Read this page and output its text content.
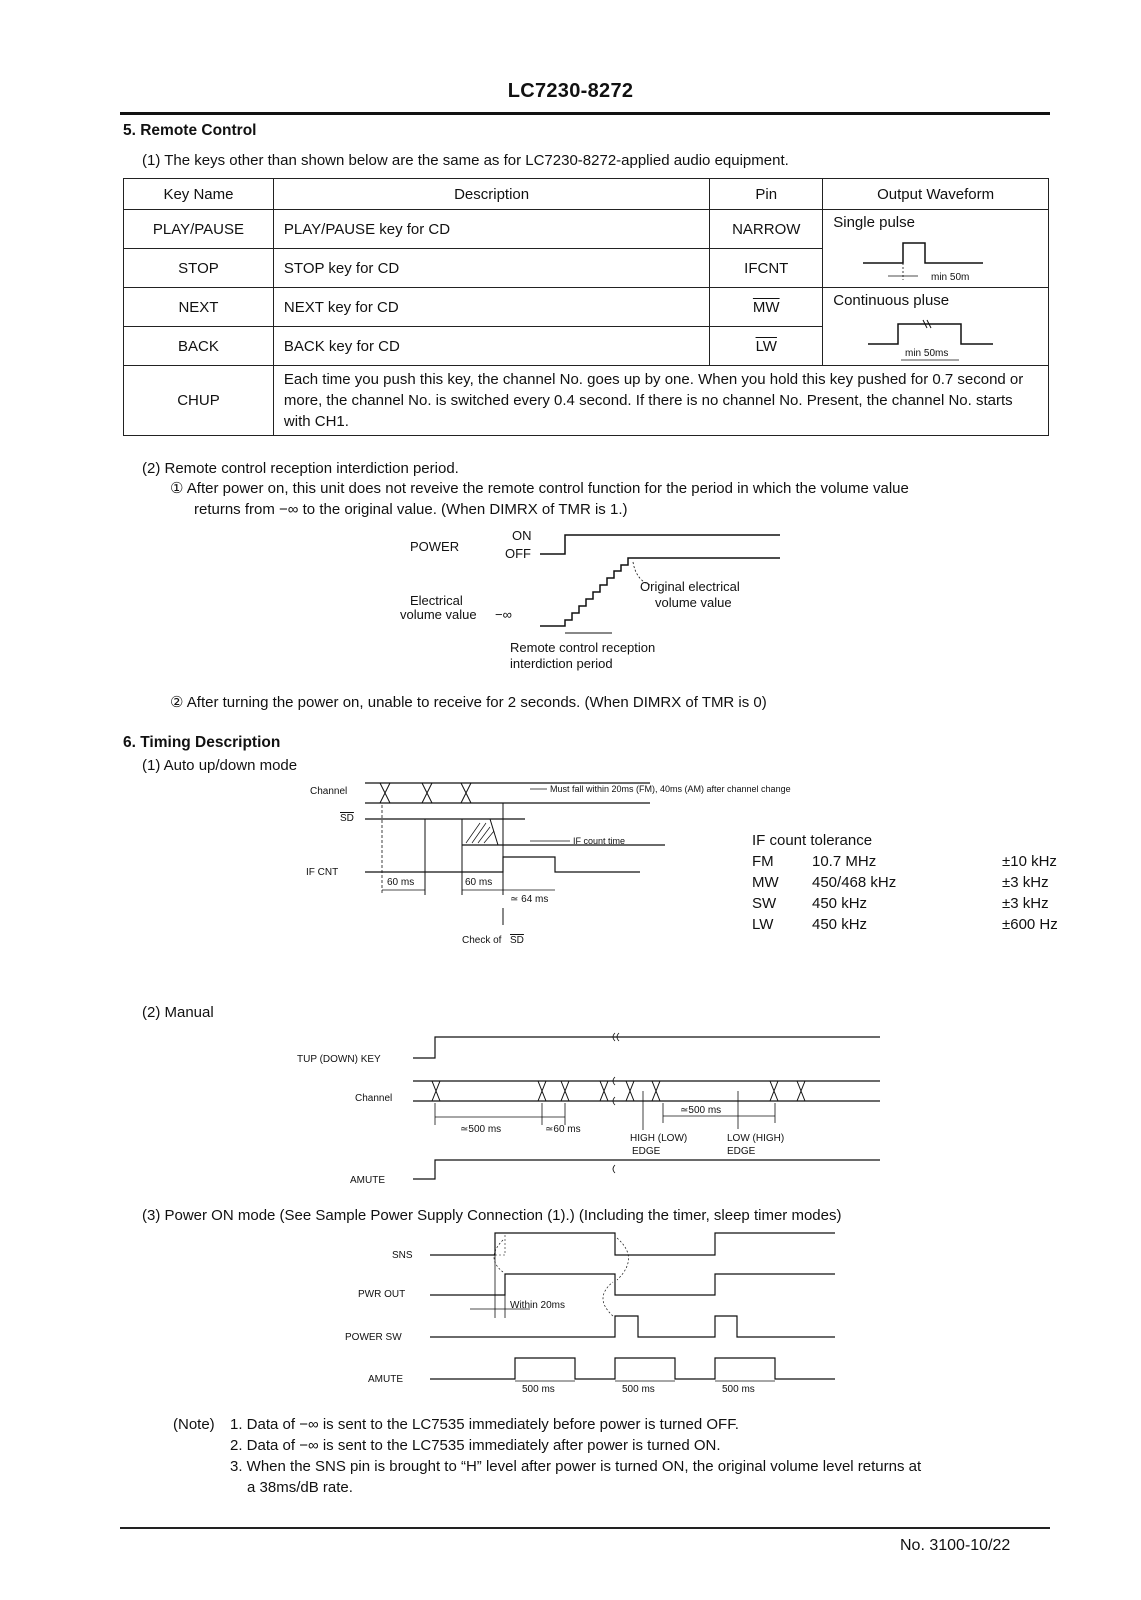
LC7230-8272
5. Remote Control
(1) The keys other than shown below are the same as for LC7230-8272-applied audio equipment.
Key Name	Description	Pin	Output Waveform
PLAY/PAUSE	PLAY/PAUSE key for CD	NARROW	Single pulse
min 50m

STOP	STOP key for CD	IFCNT	
NEXT	NEXT key for CD	$\overline{MW}$	Continuous pluse
min 50ms

BACK	BACK key for CD	$\overline{LW}$
CHUP	Each time you push this key, the channel No. goes up by one. When you hold this key pushed for 0.7 second or more, the channel No. is switched every 0.4 second. If there is no channel No. Present, the channel No. starts with CH1.		
(2) Remote control reception interdiction period.
① After power on, this unit does not reveive the remote control function for the period in which the volume value
returns from −∞ to the original value. (When DIMRX of TMR is 1.)
POWER
ON
OFF
Electrical
volume value −∞
Original electrical
volume value
Remote control reception
interdiction period
② After turning the power on, unable to receive for 2 seconds. (When DIMRX of TMR is 0)
6. Timing Description
(1) Auto up/down mode
Channel
SD
Must fall within 20ms (FM), 40ms (AM) after channel change
IF CNT
IF count time
60 ms	60 ms
≃ 64 ms
Check of SD
IF count tolerance
FM	10.7 MHz	±10 kHz
MW	450/468 kHz	±3 kHz
SW	450 kHz	±3 kHz
LW	450 kHz	±600 Hz
(2) Manual
TUP (DOWN) KEY
Channel
≃500 ms	≃60 ms
≃500 ms
HIGH (LOW)
EDGE
LOW (HIGH)
EDGE
AMUTE
(3) Power ON mode (See Sample Power Supply Connection (1).) (Including the timer, sleep timer modes)
SNS
PWR OUT
Within 20ms
POWER SW
AMUTE
500 ms	500 ms	500 ms
(Note) 1. Data of −∞ is sent to the LC7535 immediately before power is turned OFF.
2. Data of −∞ is sent to the LC7535 immediately after power is turned ON.
3. When the SNS pin is brought to “H” level after power is turned ON, the original volume level returns at
a 38ms/dB rate.
No. 3100-10/22
